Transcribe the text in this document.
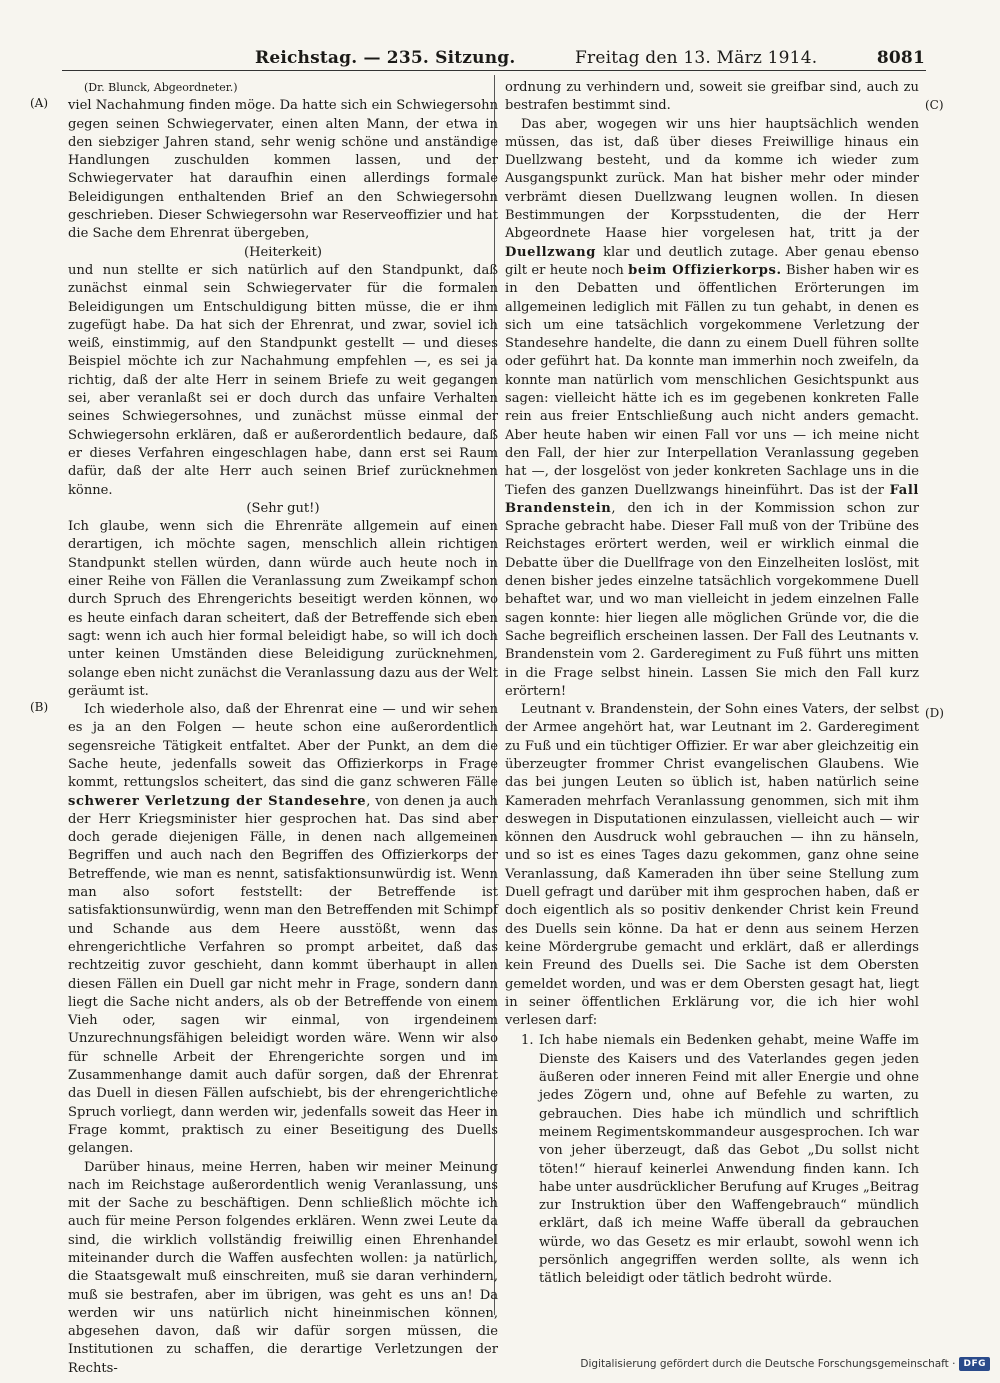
Reichstag. — 235. Sitzung.	Freitag den 13. März 1914.	8081
(A)
(B)
(C)
(D)

(Dr. Blunck, Abgeordneter.)

viel Nachahmung finden möge. Da hatte sich ein Schwiegersohn gegen seinen Schwiegervater, einen alten Mann, der etwa in den siebziger Jahren stand, sehr wenig schöne und anständige Handlungen zuschulden kommen lassen, und der Schwiegervater hat daraufhin einen allerdings formale Beleidigungen enthaltenden Brief an den Schwiegersohn geschrieben. Dieser Schwiegersohn war Reserveoffizier und hat die Sache dem Ehrenrat übergeben,

(Heiterkeit)

und nun stellte er sich natürlich auf den Standpunkt, daß zunächst einmal sein Schwiegervater für die formalen Beleidigungen um Entschuldigung bitten müsse, die er ihm zugefügt habe. Da hat sich der Ehrenrat, und zwar, soviel ich weiß, einstimmig, auf den Standpunkt gestellt — und dieses Beispiel möchte ich zur Nachahmung empfehlen —, es sei ja richtig, daß der alte Herr in seinem Briefe zu weit gegangen sei, aber veranlaßt sei er doch durch das unfaire Verhalten seines Schwiegersohnes, und zunächst müsse einmal der Schwiegersohn erklären, daß er außerordentlich bedaure, daß er dieses Verfahren eingeschlagen habe, dann erst sei Raum dafür, daß der alte Herr auch seinen Brief zurücknehmen könne.

(Sehr gut!)

Ich glaube, wenn sich die Ehrenräte allgemein auf einen derartigen, ich möchte sagen, menschlich allein richtigen Standpunkt stellen würden, dann würde auch heute noch in einer Reihe von Fällen die Veranlassung zum Zweikampf schon durch Spruch des Ehrengerichts beseitigt werden können, wo es heute einfach daran scheitert, daß der Betreffende sich eben sagt: wenn ich auch hier formal beleidigt habe, so will ich doch unter keinen Umständen diese Beleidigung zurücknehmen, solange eben nicht zunächst die Veranlassung dazu aus der Welt geräumt ist.

Ich wiederhole also, daß der Ehrenrat eine — und wir sehen es ja an den Folgen — heute schon eine außerordentlich segensreiche Tätigkeit entfaltet. Aber der Punkt, an dem die Sache heute, jedenfalls soweit das Offizierkorps in Frage kommt, rettungslos scheitert, das sind die ganz schweren Fälle schwerer Verletzung der Standesehre, von denen ja auch der Herr Kriegsminister hier gesprochen hat. Das sind aber doch gerade diejenigen Fälle, in denen nach allgemeinen Begriffen und auch nach den Begriffen des Offizierkorps der Betreffende, wie man es nennt, satisfaktionsunwürdig ist. Wenn man also sofort feststellt: der Betreffende ist satisfaktionsunwürdig, wenn man den Betreffenden mit Schimpf und Schande aus dem Heere ausstößt, wenn das ehrengerichtliche Verfahren so prompt arbeitet, daß das rechtzeitig zuvor geschieht, dann kommt überhaupt in allen diesen Fällen ein Duell gar nicht mehr in Frage, sondern dann liegt die Sache nicht anders, als ob der Betreffende von einem Vieh oder, sagen wir einmal, von irgendeinem Unzurechnungsfähigen beleidigt worden wäre. Wenn wir also für schnelle Arbeit der Ehrengerichte sorgen und im Zusammenhange damit auch dafür sorgen, daß der Ehrenrat das Duell in diesen Fällen aufschiebt, bis der ehrengerichtliche Spruch vorliegt, dann werden wir, jedenfalls soweit das Heer in Frage kommt, praktisch zu einer Beseitigung des Duells gelangen.

Darüber hinaus, meine Herren, haben wir meiner Meinung nach im Reichstage außerordentlich wenig Veranlassung, uns mit der Sache zu beschäftigen. Denn schließlich möchte ich auch für meine Person folgendes erklären. Wenn zwei Leute da sind, die wirklich vollständig freiwillig einen Ehrenhandel miteinander durch die Waffen ausfechten wollen: ja natürlich, die Staatsgewalt muß einschreiten, muß sie daran verhindern, muß sie bestrafen, aber im übrigen, was geht es uns an! Da werden wir uns natürlich nicht hineinmischen können, abgesehen davon, daß wir dafür sorgen müssen, die Institutionen zu schaffen, die derartige Verletzungen der Rechts-

ordnung zu verhindern und, soweit sie greifbar sind, auch zu bestrafen bestimmt sind.

Das aber, wogegen wir uns hier hauptsächlich wenden müssen, das ist, daß über dieses Freiwillige hinaus ein Duellzwang besteht, und da komme ich wieder zum Ausgangspunkt zurück. Man hat bisher mehr oder minder verbrämt diesen Duellzwang leugnen wollen. In diesen Bestimmungen der Korpsstudenten, die der Herr Abgeordnete Haase hier vorgelesen hat, tritt ja der Duellzwang klar und deutlich zutage. Aber genau ebenso gilt er heute noch beim Offizierkorps. Bisher haben wir es in den Debatten und öffentlichen Erörterungen im allgemeinen lediglich mit Fällen zu tun gehabt, in denen es sich um eine tatsächlich vorgekommene Verletzung der Standesehre handelte, die dann zu einem Duell führen sollte oder geführt hat. Da konnte man immerhin noch zweifeln, da konnte man natürlich vom menschlichen Gesichtspunkt aus sagen: vielleicht hätte ich es im gegebenen konkreten Falle rein aus freier Entschließung auch nicht anders gemacht. Aber heute haben wir einen Fall vor uns — ich meine nicht den Fall, der hier zur Interpellation Veranlassung gegeben hat —, der losgelöst von jeder konkreten Sachlage uns in die Tiefen des ganzen Duellzwangs hineinführt. Das ist der Fall Brandenstein, den ich in der Kommission schon zur Sprache gebracht habe. Dieser Fall muß von der Tribüne des Reichstages erörtert werden, weil er wirklich einmal die Debatte über die Duellfrage von den Einzelheiten loslöst, mit denen bisher jedes einzelne tatsächlich vorgekommene Duell behaftet war, und wo man vielleicht in jedem einzelnen Falle sagen konnte: hier liegen alle möglichen Gründe vor, die die Sache begreiflich erscheinen lassen. Der Fall des Leutnants v. Brandenstein vom 2. Garderegiment zu Fuß führt uns mitten in die Frage selbst hinein. Lassen Sie mich den Fall kurz erörtern!

Leutnant v. Brandenstein, der Sohn eines Vaters, der selbst der Armee angehört hat, war Leutnant im 2. Garderegiment zu Fuß und ein tüchtiger Offizier. Er war aber gleichzeitig ein überzeugter frommer Christ evangelischen Glaubens. Wie das bei jungen Leuten so üblich ist, haben natürlich seine Kameraden mehrfach Veranlassung genommen, sich mit ihm deswegen in Disputationen einzulassen, vielleicht auch — wir können den Ausdruck wohl gebrauchen — ihn zu hänseln, und so ist es eines Tages dazu gekommen, ganz ohne seine Veranlassung, daß Kameraden ihn über seine Stellung zum Duell gefragt und darüber mit ihm gesprochen haben, daß er doch eigentlich als so positiv denkender Christ kein Freund des Duells sein könne. Da hat er denn aus seinem Herzen keine Mördergrube gemacht und erklärt, daß er allerdings kein Freund des Duells sei. Die Sache ist dem Obersten gemeldet worden, und was er dem Obersten gesagt hat, liegt in seiner öffentlichen Erklärung vor, die ich hier wohl verlesen darf:

1. Ich habe niemals ein Bedenken gehabt, meine Waffe im Dienste des Kaisers und des Vaterlandes gegen jeden äußeren oder inneren Feind mit aller Energie und ohne jedes Zögern und, ohne auf Befehle zu warten, zu gebrauchen. Dies habe ich mündlich und schriftlich meinem Regimentskommandeur ausgesprochen. Ich war von jeher überzeugt, daß das Gebot „Du sollst nicht töten!“ hierauf keinerlei Anwendung finden kann. Ich habe unter ausdrücklicher Berufung auf Kruges „Beitrag zur Instruktion über den Waffengebrauch“ mündlich erklärt, daß ich meine Waffe überall da gebrauchen würde, wo das Gesetz es mir erlaubt, sowohl wenn ich persönlich angegriffen werden sollte, als wenn ich tätlich beleidigt oder tätlich bedroht würde.

Digitalisierung gefördert durch die Deutsche Forschungsgemeinschaft · DFG
